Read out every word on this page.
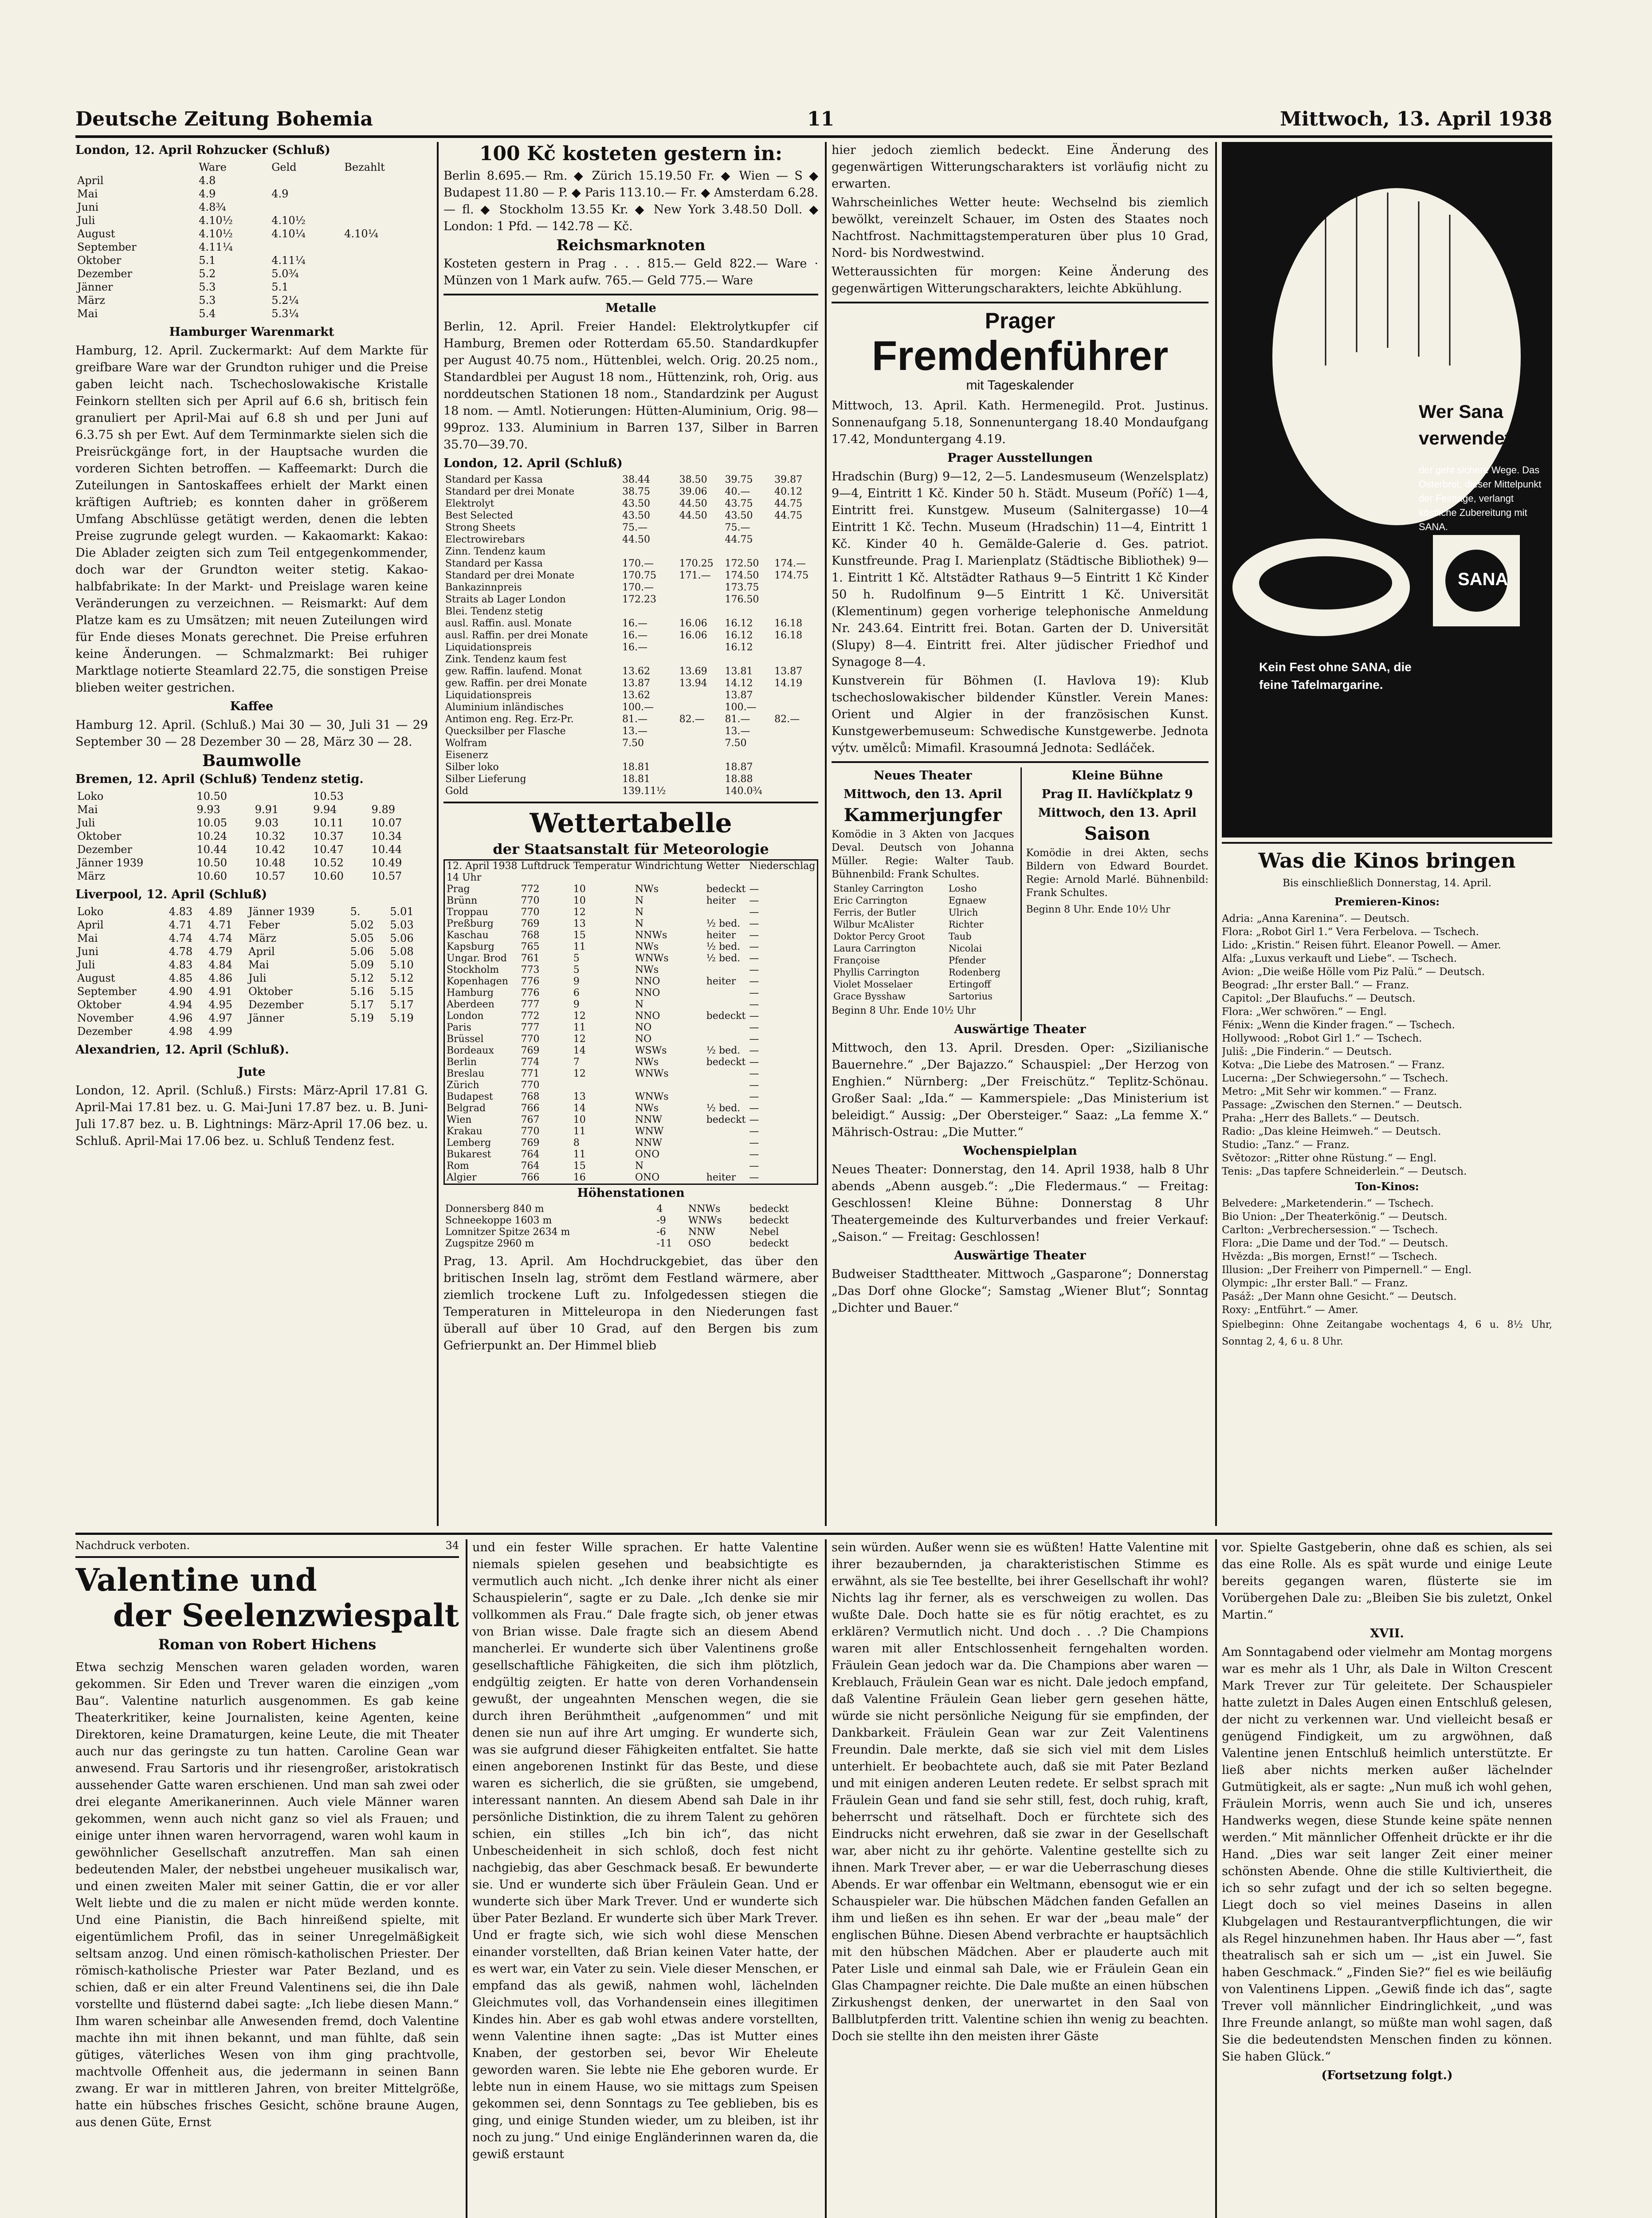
Deutsche Zeitung Bohemia	11	Mittwoch, 13. April 1938
London, 12. April Rohzucker (Schluß)
	Ware	Geld	Bezahlt
April	4.8		
Mai	4.9	4.9	
Juni	4.8¾		
Juli	4.10½	4.10½	
August	4.10½	4.10¼	4.10¼
September	4.11¼		
Oktober	5.1	4.11¼	
Dezember	5.2	5.0¾	
Jänner	5.3	5.1	
März	5.3	5.2¼	
Mai	5.4	5.3¼	
Hamburger Warenmarkt

Hamburg, 12. April. Zuckermarkt: Auf dem Markte für greifbare Ware war der Grundton ruhiger und die Preise gaben leicht nach. Tschechoslowakische Kristalle Feinkorn stellten sich per April auf 6.6 sh, britisch fein granuliert per April-Mai auf 6.8 sh und per Juni auf 6.3.75 sh per Ewt. Auf dem Terminmarkte sielen sich die Preisrückgänge fort, in der Hauptsache wurden die vorderen Sichten betroffen. — Kaffeemarkt: Durch die Zuteilungen in Santoskaffees erhielt der Markt einen kräftigen Auftrieb; es konnten daher in größerem Umfang Abschlüsse getätigt werden, denen die lebten Preise zugrunde gelegt wurden. — Kakaomarkt: Kakao: Die Ablader zeigten sich zum Teil entgegenkommender, doch war der Grundton weiter stetig. Kakao-halbfabrikate: In der Markt- und Preislage waren keine Veränderungen zu verzeichnen. — Reismarkt: Auf dem Platze kam es zu Umsätzen; mit neuen Zuteilungen wird für Ende dieses Monats gerechnet. Die Preise erfuhren keine Änderungen. — Schmalzmarkt: Bei ruhiger Marktlage notierte Steamlard 22.75, die sonstigen Preise blieben weiter gestrichen.

Kaffee

Hamburg 12. April. (Schluß.) Mai 30 — 30, Juli 31 — 29 September 30 — 28 Dezember 30 — 28, März 30 — 28.

Baumwolle
Bremen, 12. April (Schluß) Tendenz stetig.
Loko	10.50		10.53	
Mai	9.93	9.91	9.94	9.89
Juli	10.05	9.03	10.11	10.07
Oktober	10.24	10.32	10.37	10.34
Dezember	10.44	10.42	10.47	10.44
Jänner 1939	10.50	10.48	10.52	10.49
März	10.60	10.57	10.60	10.57
Liverpool, 12. April (Schluß)
Loko	4.83	4.89	Jänner 1939	5.	5.01
April	4.71	4.71	Feber	5.02	5.03
Mai	4.74	4.74	März	5.05	5.06
Juni	4.78	4.79	April	5.06	5.08
Juli	4.83	4.84	Mai	5.09	5.10
August	4.85	4.86	Juli	5.12	5.12
September	4.90	4.91	Oktober	5.16	5.15
Oktober	4.94	4.95	Dezember	5.17	5.17
November	4.96	4.97	Jänner	5.19	5.19
Dezember	4.98	4.99			
Alexandrien, 12. April (Schluß).
Jute

London, 12. April. (Schluß.) Firsts: März-April 17.81 G. April-Mai 17.81 bez. u. G. Mai-Juni 17.87 bez. u. B. Juni-Juli 17.87 bez. u. B. Lightnings: März-April 17.06 bez. u. Schluß. April-Mai 17.06 bez. u. Schluß Tendenz fest.

100 Kč kosteten gestern in:

Berlin 8.695.— Rm. ◆ Zürich 15.19.50 Fr. ◆ Wien — S ◆ Budapest 11.80 — P. ◆ Paris 113.10.— Fr. ◆ Amsterdam 6.28.— fl. ◆ Stockholm 13.55 Kr. ◆ New York 3.48.50 Doll. ◆ London: 1 Pfd. — 142.78 — Kč.

Reichsmarknoten

Kosteten gestern in Prag . . . 815.— Geld 822.— Ware · Münzen von 1 Mark aufw. 765.— Geld 775.— Ware

Metalle

Berlin, 12. April. Freier Handel: Elektrolytkupfer cif Hamburg, Bremen oder Rotterdam 65.50. Standardkupfer per August 40.75 nom., Hüttenblei, welch. Orig. 20.25 nom., Standardblei per August 18 nom., Hüttenzink, roh, Orig. aus norddeutschen Stationen 18 nom., Standardzink per August 18 nom. — Amtl. Notierungen: Hütten-Aluminium, Orig. 98—99proz. 133. Aluminium in Barren 137, Silber in Barren 35.70—39.70.

London, 12. April (Schluß)
Standard per Kassa	38.44	38.50	39.75	39.87
Standard per drei Monate	38.75	39.06	40.—	40.12
Elektrolyt	43.50	44.50	43.75	44.75
Best Selected	43.50	44.50	43.50	44.75
Strong Sheets	75.—		75.—	
Electrowirebars	44.50		44.75	
Zinn. Tendenz kaum				
Standard per Kassa	170.—	170.25	172.50	174.—
Standard per drei Monate	170.75	171.—	174.50	174.75
Bankazinnpreis	170.—		173.75	
Straits ab Lager London	172.23		176.50	
Blei. Tendenz stetig				
ausl. Raffin. ausl. Monate	16.—	16.06	16.12	16.18
ausl. Raffin. per drei Monate	16.—	16.06	16.12	16.18
Liquidationspreis	16.—		16.12	
Zink. Tendenz kaum fest				
gew. Raffin. laufend. Monat	13.62	13.69	13.81	13.87
gew. Raffin. per drei Monate	13.87	13.94	14.12	14.19
Liquidationspreis	13.62		13.87	
Aluminium inländisches	100.—		100.—	
Antimon eng. Reg. Erz-Pr.	81.—	82.—	81.—	82.—
Quecksilber per Flasche	13.—		13.—	
Wolfram	7.50		7.50	
Eisenerz				
Silber loko	18.81		18.87	
Silber Lieferung	18.81		18.88	
Gold	139.11½		140.0¾	
Wettertabelle
der Staatsanstalt für Meteorologie
12. April 1938	Luftdruck	Temperatur	Windrichtung	Wetter	Niederschlag
14 Uhr					
Prag	772	10	NWs	bedeckt	—
Brünn	770	10	N	heiter	—
Troppau	770	12	N		—
Preßburg	769	13	N	½ bed.	—
Kaschau	768	15	NNWs	heiter	—
Kapsburg	765	11	NWs	½ bed.	—
Ungar. Brod	761	5	WNWs	½ bed.	—
Stockholm	773	5	NWs		—
Kopenhagen	776	9	NNO	heiter	—
Hamburg	776	6	NNO		—
Aberdeen	777	9	N		—
London	772	12	NNO	bedeckt	—
Paris	777	11	NO		—
Brüssel	770	12	NO		—
Bordeaux	769	14	WSWs	½ bed.	—
Berlin	774	7	NWs	bedeckt	—
Breslau	771	12	WNWs		—
Zürich	770				—
Budapest	768	13	WNWs		—
Belgrad	766	14	NWs	½ bed.	—
Wien	767	10	NNW	bedeckt	—
Krakau	770	11	WNW		—
Lemberg	769	8	NNW		—
Bukarest	764	11	ONO		—
Rom	764	15	N		—
Algier	766	16	ONO	heiter	—
Höhenstationen
Donnersberg 840 m	4	NNWs	bedeckt
Schneekoppe 1603 m	-9	WNWs	bedeckt
Lomnitzer Spitze 2634 m	-6	NNW	Nebel
Zugspitze 2960 m	-11	OSO	bedeckt

Prag, 13. April. Am Hochdruckgebiet, das über den britischen Inseln lag, strömt dem Festland wärmere, aber ziemlich trockene Luft zu. Infolgedessen stiegen die Temperaturen in Mitteleuropa in den Niederungen fast überall auf über 10 Grad, auf den Bergen bis zum Gefrierpunkt an. Der Himmel blieb

hier jedoch ziemlich bedeckt. Eine Änderung des gegenwärtigen Witterungscharakters ist vorläufig nicht zu erwarten.

Wahrscheinliches Wetter heute: Wechselnd bis ziemlich bewölkt, vereinzelt Schauer, im Osten des Staates noch Nachtfrost. Nachmittagstemperaturen über plus 10 Grad, Nord- bis Nordwestwind.

Wetteraussichten für morgen: Keine Änderung des gegenwärtigen Witterungscharakters, leichte Abkühlung.

Prager
Fremdenführer
mit Tageskalender

Mittwoch, 13. April. Kath. Hermenegild. Prot. Justinus. Sonnenaufgang 5.18, Sonnenuntergang 18.40 Mondaufgang 17.42, Monduntergang 4.19.

Prager Ausstellungen

Hradschin (Burg) 9—12, 2—5. Landesmuseum (Wenzelsplatz) 9—4, Eintritt 1 Kč. Kinder 50 h. Städt. Museum (Poříč) 1—4, Eintritt frei. Kunstgew. Museum (Salnitergasse) 10—4 Eintritt 1 Kč. Techn. Museum (Hradschin) 11—4, Eintritt 1 Kč. Kinder 40 h. Gemälde-Galerie d. Ges. patriot. Kunstfreunde. Prag I. Marienplatz (Städtische Bibliothek) 9—1. Eintritt 1 Kč. Altstädter Rathaus 9—5 Eintritt 1 Kč Kinder 50 h. Rudolfinum 9—5 Eintritt 1 Kč. Universität (Klementinum) gegen vorherige telephonische Anmeldung Nr. 243.64. Eintritt frei. Botan. Garten der D. Universität (Slupy) 8—4. Eintritt frei. Alter jüdischer Friedhof und Synagoge 8—4.

Kunstverein für Böhmen (I. Havlova 19): Klub tschechoslowakischer bildender Künstler. Verein Manes: Orient und Algier in der französischen Kunst. Kunstgewerbemuseum: Schwedische Kunstgewerbe. Jednota výtv. umělců: Mimafil. Krasoumná Jednota: Sedláček.

Neues Theater
Mittwoch, den 13. April
Kammerjungfer

Komödie in 3 Akten von Jacques Deval. Deutsch von Johanna Müller. Regie: Walter Taub. Bühnenbild: Frank Schultes.

Stanley Carrington	Losho
Eric Carrington	Egnaew
Ferris, der Butler	Ulrich
Wilbur McAlister	Richter
Doktor Percy Groot	Taub
Laura Carrington	Nicolai
Françoise	Pfender
Phyllis Carrington	Rodenberg
Violet Mosselaer	Ertingoff
Grace Bysshaw	Sartorius
Beginn 8 Uhr. Ende 10½ Uhr
Kleine Bühne
Prag II. Havlíčkplatz 9
Mittwoch, den 13. April
Saison

Komödie in drei Akten, sechs Bildern von Edward Bourdet. Regie: Arnold Marlé. Bühnenbild: Frank Schultes.

Beginn 8 Uhr. Ende 10½ Uhr
Auswärtige Theater

Mittwoch, den 13. April. Dresden. Oper: „Sizilianische Bauernehre.“ „Der Bajazzo.“ Schauspiel: „Der Herzog von Enghien.“ Nürnberg: „Der Freischütz.“ Teplitz-Schönau. Großer Saal: „Ida.“ — Kammerspiele: „Das Ministerium ist beleidigt.“ Aussig: „Der Obersteiger.“ Saaz: „La femme X.“ Mährisch-Ostrau: „Die Mutter.“

Wochenspielplan

Neues Theater: Donnerstag, den 14. April 1938, halb 8 Uhr abends „Abenn ausgeb.“: „Die Fledermaus.“ — Freitag: Geschlossen! Kleine Bühne: Donnerstag 8 Uhr Theatergemeinde des Kulturverbandes und freier Verkauf: „Saison.“ — Freitag: Geschlossen!

Auswärtige Theater

Budweiser Stadttheater. Mittwoch „Gasparone“; Donnerstag „Das Dorf ohne Glocke“; Samstag „Wiener Blut“; Sonntag „Dichter und Bauer.“

Wer Sana
verwendet,
der geht sichere Wege. Das Osterbrot, dieser Mittelpunkt der Festtage, verlangt köstliche Zubereitung mit SANA.
SANA
Kein Fest ohne SANA, die feine Tafelmargarine.
Was die Kinos bringen
Bis einschließlich Donnerstag, 14. April.
Premieren-Kinos:
Adria: „Anna Karenina“. — Deutsch.
Flora: „Robot Girl 1.“ Vera Ferbelova. — Tschech.
Lido: „Kristin.“ Reisen führt. Eleanor Powell. — Amer.
Alfa: „Luxus verkauft und Liebe“. — Tschech.
Avion: „Die weiße Hölle vom Piz Palü.“ — Deutsch.
Beograd: „Ihr erster Ball.“ — Franz.
Capitol: „Der Blaufuchs.“ — Deutsch.
Flora: „Wer schwören.“ — Engl.
Fénix: „Wenn die Kinder fragen.“ — Tschech.
Hollywood: „Robot Girl 1.“ — Tschech.
Juliš: „Die Finderin.“ — Deutsch.
Kotva: „Die Liebe des Matrosen.“ — Franz.
Lucerna: „Der Schwiegersohn.“ — Tschech.
Metro: „Mit Sehr wir kommen.“ — Franz.
Passage: „Zwischen den Sternen.“ — Deutsch.
Praha: „Herr des Ballets.“ — Deutsch.
Radio: „Das kleine Heimweh.“ — Deutsch.
Studio: „Tanz.“ — Franz.
Světozor: „Ritter ohne Rüstung.“ — Engl.
Tenis: „Das tapfere Schneiderlein.“ — Deutsch.
Ton-Kinos:
Belvedere: „Marketenderin.“ — Tschech.
Bio Union: „Der Theaterkönig.“ — Deutsch.
Carlton: „Verbrechersession.“ — Tschech.
Flora: „Die Dame und der Tod.“ — Deutsch.
Hvězda: „Bis morgen, Ernst!“ — Tschech.
Illusion: „Der Freiherr von Pimpernell.“ — Engl.
Olympic: „Ihr erster Ball.“ — Franz.
Pasáž: „Der Mann ohne Gesicht.“ — Deutsch.
Roxy: „Entführt.“ — Amer.

Spielbeginn: Ohne Zeitangabe wochentags 4, 6 u. 8½ Uhr, Sonntag 2, 4, 6 u. 8 Uhr.

Nachdruck verboten.	34
Valentine und
der Seelenzwiespalt
Roman von Robert Hichens

Etwa sechzig Menschen waren geladen worden, waren gekommen. Sir Eden und Trever waren die einzigen „vom Bau“. Valentine naturlich ausgenommen. Es gab keine Theaterkritiker, keine Journalisten, keine Agenten, keine Direktoren, keine Dramaturgen, keine Leute, die mit Theater auch nur das geringste zu tun hatten. Caroline Gean war anwesend. Frau Sartoris und ihr riesengroßer, aristokratisch aussehender Gatte waren erschienen. Und man sah zwei oder drei elegante Amerikanerinnen. Auch viele Männer waren gekommen, wenn auch nicht ganz so viel als Frauen; und einige unter ihnen waren hervorragend, waren wohl kaum in gewöhnlicher Gesellschaft anzutreffen. Man sah einen bedeutenden Maler, der nebstbei ungeheuer musikalisch war, und einen zweiten Maler mit seiner Gattin, die er vor aller Welt liebte und die zu malen er nicht müde werden konnte. Und eine Pianistin, die Bach hinreißend spielte, mit eigentümlichem Profil, das in seiner Unregelmäßigkeit seltsam anzog. Und einen römisch-katholischen Priester. Der römisch-katholische Priester war Pater Bezland, und es schien, daß er ein alter Freund Valentinens sei, die ihn Dale vorstellte und flüsternd dabei sagte: „Ich liebe diesen Mann.“ Ihm waren scheinbar alle Anwesenden fremd, doch Valentine machte ihn mit ihnen bekannt, und man fühlte, daß sein gütiges, väterliches Wesen von ihm ging prachtvolle, machtvolle Offenheit aus, die jedermann in seinen Bann zwang. Er war in mittleren Jahren, von breiter Mittelgröße, hatte ein hübsches frisches Gesicht, schöne braune Augen, aus denen Güte, Ernst

und ein fester Wille sprachen. Er hatte Valentine niemals spielen gesehen und beabsichtigte es vermutlich auch nicht. „Ich denke ihrer nicht als einer Schauspielerin“, sagte er zu Dale. „Ich denke sie mir vollkommen als Frau.“ Dale fragte sich, ob jener etwas von Brian wisse. Dale fragte sich an diesem Abend mancherlei. Er wunderte sich über Valentinens große gesellschaftliche Fähigkeiten, die sich ihm plötzlich, endgültig zeigten. Er hatte von deren Vorhandensein gewußt, der ungeahnten Menschen wegen, die sie durch ihren Berühmtheit „aufgenommen“ und mit denen sie nun auf ihre Art umging. Er wunderte sich, was sie aufgrund dieser Fähigkeiten entfaltet. Sie hatte einen angeborenen Instinkt für das Beste, und diese waren es sicherlich, die sie grüßten, sie umgebend, interessant nannten. An diesem Abend sah Dale in ihr persönliche Distinktion, die zu ihrem Talent zu gehören schien, ein stilles „Ich bin ich“, das nicht Unbescheidenheit in sich schloß, doch fest nicht nachgiebig, das aber Geschmack besaß. Er bewunderte sie. Und er wunderte sich über Fräulein Gean. Und er wunderte sich über Mark Trever. Und er wunderte sich über Pater Bezland. Er wunderte sich über Mark Trever. Und er fragte sich, wie sich wohl diese Menschen einander vorstellten, daß Brian keinen Vater hatte, der es wert war, ein Vater zu sein. Viele dieser Menschen, er empfand das als gewiß, nahmen wohl, lächelnden Gleichmutes voll, das Vorhandensein eines illegitimen Kindes hin. Aber es gab wohl etwas andere vorstellten, wenn Valentine ihnen sagte: „Das ist Mutter eines Knaben, der gestorben sei, bevor Wir Eheleute geworden waren. Sie lebte nie Ehe geboren wurde. Er lebte nun in einem Hause, wo sie mittags zum Speisen gekommen sei, denn Sonntags zu Tee geblieben, bis es ging, und einige Stunden wieder, um zu bleiben, ist ihr noch zu jung.“ Und einige Engländerinnen waren da, die gewiß erstaunt

sein würden. Außer wenn sie es wüßten! Hatte Valentine mit ihrer bezaubernden, ja charakteristischen Stimme es erwähnt, als sie Tee bestellte, bei ihrer Gesellschaft ihr wohl? Nichts lag ihr ferner, als es verschweigen zu wollen. Das wußte Dale. Doch hatte sie es für nötig erachtet, es zu erklären? Vermutlich nicht. Und doch . . .? Die Champions waren mit aller Entschlossenheit ferngehalten worden. Fräulein Gean jedoch war da. Die Champions aber waren — Kreblauch, Fräulein Gean war es nicht. Dale jedoch empfand, daß Valentine Fräulein Gean lieber gern gesehen hätte, würde sie nicht persönliche Neigung für sie empfinden, der Dankbarkeit. Fräulein Gean war zur Zeit Valentinens Freundin. Dale merkte, daß sie sich viel mit dem Lisles unterhielt. Er beobachtete auch, daß sie mit Pater Bezland und mit einigen anderen Leuten redete. Er selbst sprach mit Fräulein Gean und fand sie sehr still, fest, doch ruhig, kraft, beherrscht und rätselhaft. Doch er fürchtete sich des Eindrucks nicht erwehren, daß sie zwar in der Gesellschaft war, aber nicht zu ihr gehörte. Valentine gestellte sich zu ihnen. Mark Trever aber, — er war die Ueberraschung dieses Abends. Er war offenbar ein Weltmann, ebensogut wie er ein Schauspieler war. Die hübschen Mädchen fanden Gefallen an ihm und ließen es ihn sehen. Er war der „beau male“ der englischen Bühne. Diesen Abend verbrachte er hauptsächlich mit den hübschen Mädchen. Aber er plauderte auch mit Pater Lisle und einmal sah Dale, wie er Fräulein Gean ein Glas Champagner reichte. Die Dale mußte an einen hübschen Zirkushengst denken, der unerwartet in den Saal von Ballblutpferden tritt. Valentine schien ihn wenig zu beachten. Doch sie stellte ihn den meisten ihrer Gäste

vor. Spielte Gastgeberin, ohne daß es schien, als sei das eine Rolle. Als es spät wurde und einige Leute bereits gegangen waren, flüsterte sie im Vorübergehen Dale zu: „Bleiben Sie bis zuletzt, Onkel Martin.“

XVII.

Am Sonntagabend oder vielmehr am Montag morgens war es mehr als 1 Uhr, als Dale in Wilton Crescent Mark Trever zur Tür geleitete. Der Schauspieler hatte zuletzt in Dales Augen einen Entschluß gelesen, der nicht zu verkennen war. Und vielleicht besaß er genügend Findigkeit, um zu argwöhnen, daß Valentine jenen Entschluß heimlich unterstützte. Er ließ aber nichts merken außer lächelnder Gutmütigkeit, als er sagte: „Nun muß ich wohl gehen, Fräulein Morris, wenn auch Sie und ich, unseres Handwerks wegen, diese Stunde keine späte nennen werden.“ Mit männlicher Offenheit drückte er ihr die Hand. „Dies war seit langer Zeit einer meiner schönsten Abende. Ohne die stille Kultiviertheit, die ich so sehr zufagt und der ich so selten begegne. Liegt doch so viel meines Daseins in allen Klubgelagen und Restaurantverpflichtungen, die wir als Regel hinzunehmen haben. Ihr Haus aber —“, fast theatralisch sah er sich um — „ist ein Juwel. Sie haben Geschmack.“ „Finden Sie?“ fiel es wie beiläufig von Valentinens Lippen. „Gewiß finde ich das“, sagte Trever voll männlicher Eindringlichkeit, „und was Ihre Freunde anlangt, so müßte man wohl sagen, daß Sie die bedeutendsten Menschen finden zu können. Sie haben Glück.“

(Fortsetzung folgt.)
